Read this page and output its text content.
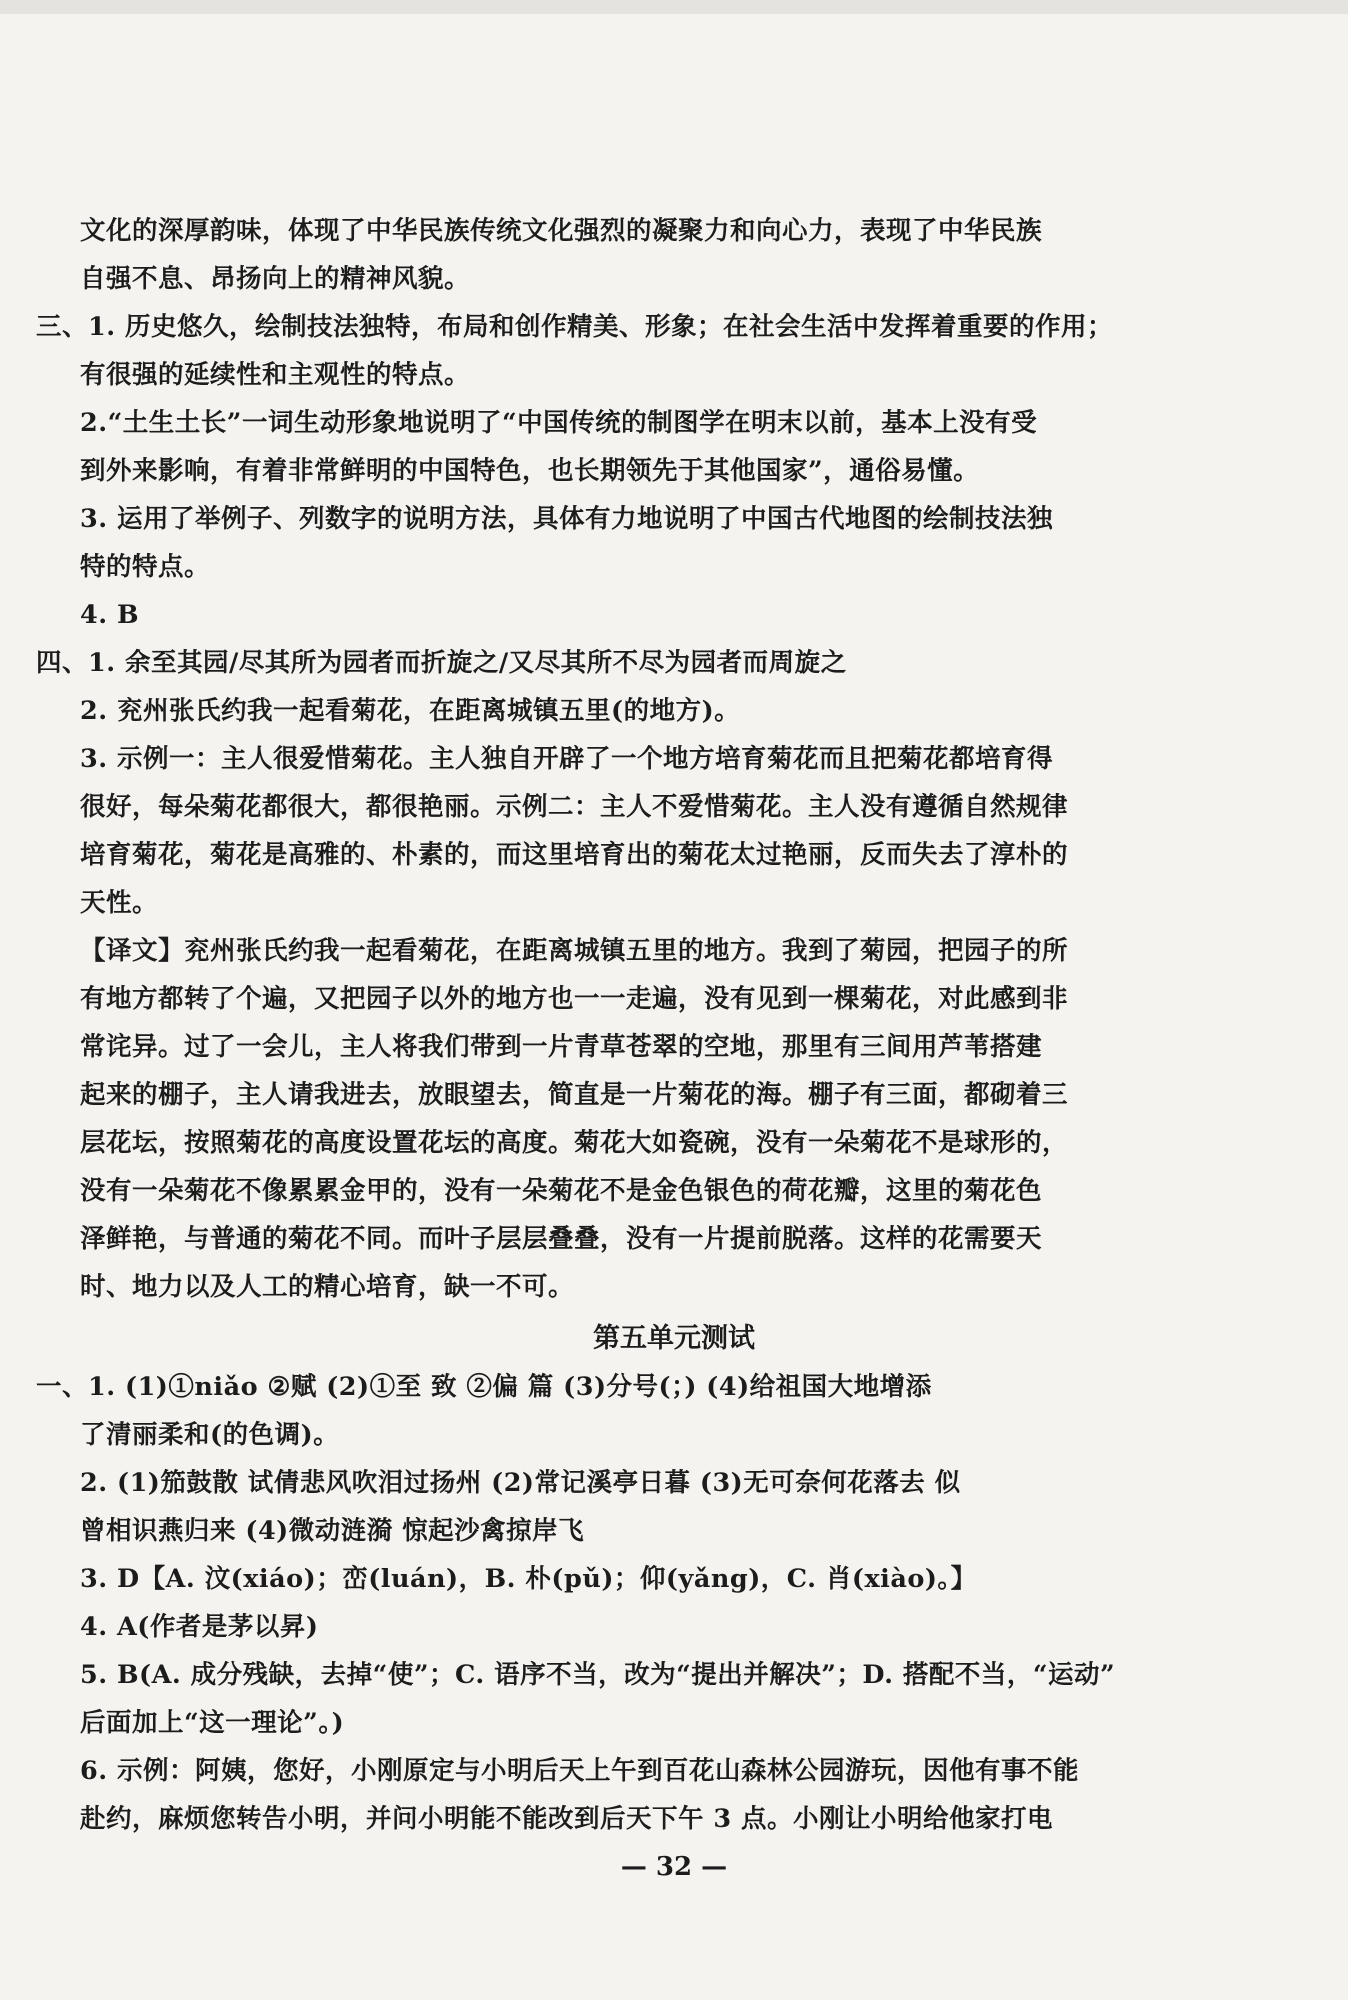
文化的深厚韵味，体现了中华民族传统文化强烈的凝聚力和向心力，表现了中华民族
自强不息、昂扬向上的精神风貌。
三、1. 历史悠久，绘制技法独特，布局和创作精美、形象；在社会生活中发挥着重要的作用；
有很强的延续性和主观性的特点。
2.“土生土长”一词生动形象地说明了“中国传统的制图学在明末以前，基本上没有受
到外来影响，有着非常鲜明的中国特色，也长期领先于其他国家”，通俗易懂。
3. 运用了举例子、列数字的说明方法，具体有力地说明了中国古代地图的绘制技法独
特的特点。
4. B
四、1. 余至其园/尽其所为园者而折旋之/又尽其所不尽为园者而周旋之
2. 兖州张氏约我一起看菊花，在距离城镇五里(的地方)。
3. 示例一：主人很爱惜菊花。主人独自开辟了一个地方培育菊花而且把菊花都培育得
很好，每朵菊花都很大，都很艳丽。示例二：主人不爱惜菊花。主人没有遵循自然规律
培育菊花，菊花是高雅的、朴素的，而这里培育出的菊花太过艳丽，反而失去了淳朴的
天性。
【译文】兖州张氏约我一起看菊花，在距离城镇五里的地方。我到了菊园，把园子的所
有地方都转了个遍，又把园子以外的地方也一一走遍，没有见到一棵菊花，对此感到非
常诧异。过了一会儿，主人将我们带到一片青草苍翠的空地，那里有三间用芦苇搭建
起来的棚子，主人请我进去，放眼望去，简直是一片菊花的海。棚子有三面，都砌着三
层花坛，按照菊花的高度设置花坛的高度。菊花大如瓷碗，没有一朵菊花不是球形的，
没有一朵菊花不像累累金甲的，没有一朵菊花不是金色银色的荷花瓣，这里的菊花色
泽鲜艳，与普通的菊花不同。而叶子层层叠叠，没有一片提前脱落。这样的花需要天
时、地力以及人工的精心培育，缺一不可。
第五单元测试
一、1. (1)①niǎo ②赋 (2)①至 致 ②偏 篇 (3)分号(；) (4)给祖国大地增添
了清丽柔和(的色调)。
2. (1)笳鼓散 试倩悲风吹泪过扬州 (2)常记溪亭日暮 (3)无可奈何花落去 似
曾相识燕归来 (4)微动涟漪 惊起沙禽掠岸飞
3. D【A. 汶(xiáo)；峦(luán)，B. 朴(pǔ)；仰(yǎng)，C. 肖(xiào)。】
4. A(作者是茅以昇)
5. B(A. 成分残缺，去掉“使”；C. 语序不当，改为“提出并解决”；D. 搭配不当，“运动”
后面加上“这一理论”。)
6. 示例：阿姨，您好，小刚原定与小明后天上午到百花山森林公园游玩，因他有事不能
赴约，麻烦您转告小明，并问小明能不能改到后天下午 3 点。小刚让小明给他家打电
— 32 —
